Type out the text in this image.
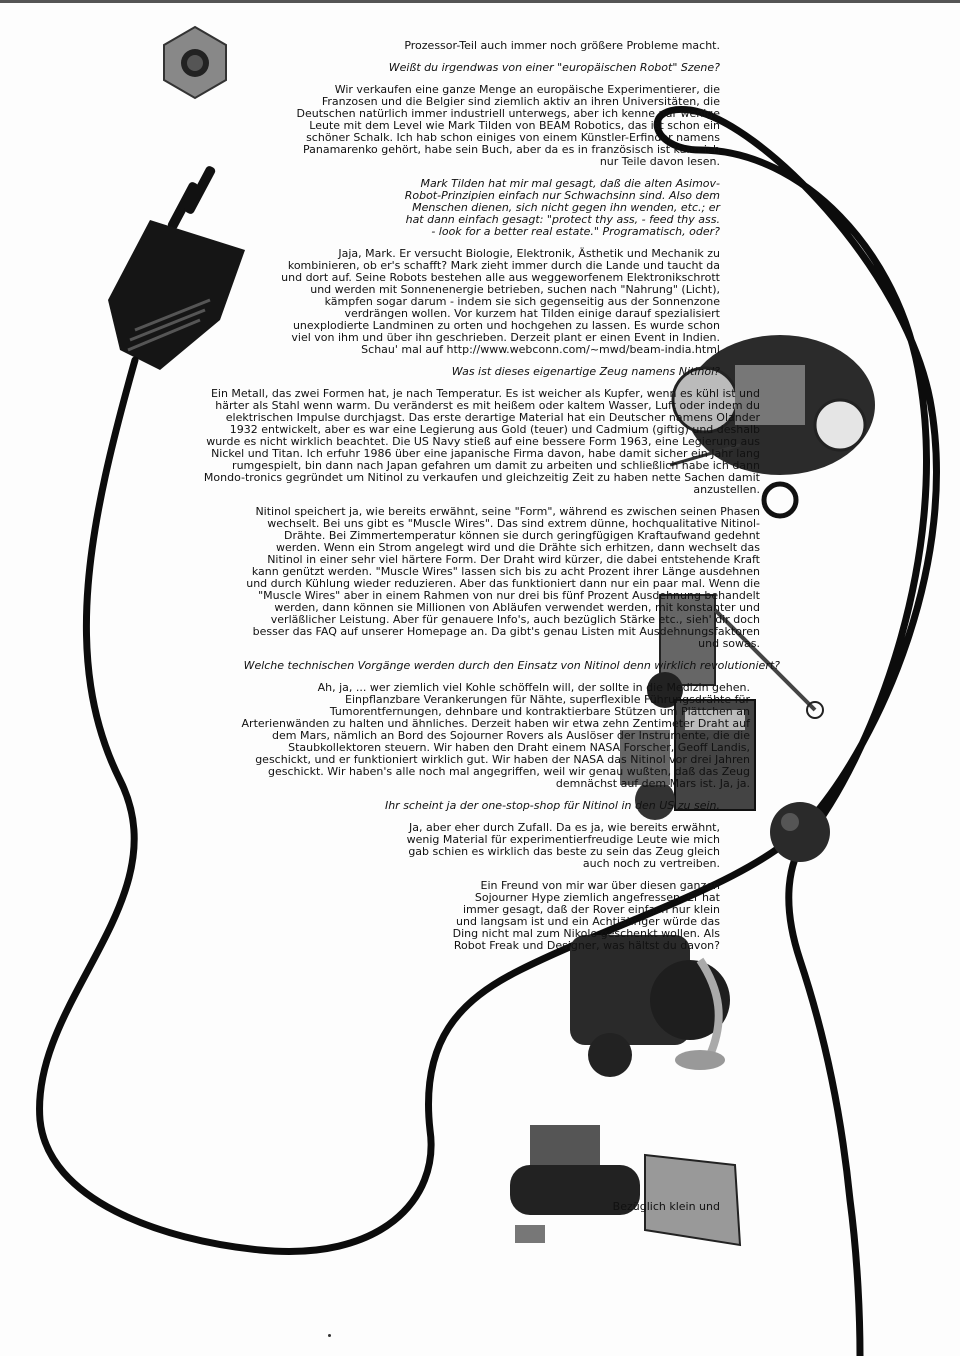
Prozessor-Teil auch immer noch größere Probleme macht.

Weißt du irgendwas von einer "europäischen Robot" Szene?

Wir verkaufen eine ganze Menge an europäische Experimentierer, die Franzosen und die Belgier sind ziemlich aktiv an ihren Universitäten, die Deutschen natürlich immer industriell unterwegs, aber ich kenne nur wenige Leute mit dem Level wie Mark Tilden von BEAM Robotics, das ist schon ein schöner Schalk. Ich hab schon einiges von einem Künstler-Erfinder namens Panamarenko gehört, habe sein Buch, aber da es in französisch ist kann ich nur Teile davon lesen.

Mark Tilden hat mir mal gesagt, daß die alten Asimov-Robot-Prinzipien einfach nur Schwachsinn sind. Also dem Menschen dienen, sich nicht gegen ihn wenden, etc.; er hat dann einfach gesagt: "protect thy ass, - feed thy ass. - look for a better real estate." Programatisch, oder?

Jaja, Mark. Er versucht Biologie, Elektronik, Ästhetik und Mechanik zu kombinieren, ob er's schafft? Mark zieht immer durch die Lande und taucht da und dort auf. Seine Robots bestehen alle aus weggeworfenem Elektronikschrott und werden mit Sonnenenergie betrieben, suchen nach "Nahrung" (Licht), kämpfen sogar darum - indem sie sich gegenseitig aus der Sonnenzone verdrängen wollen. Vor kurzem hat Tilden einige darauf spezialisiert unexplodierte Landminen zu orten und hochgehen zu lassen. Es wurde schon viel von ihm und über ihn geschrieben. Derzeit plant er einen Event in Indien. Schau' mal auf http://www.webconn.com/~mwd/beam-india.html

Was ist dieses eigenartige Zeug namens Nitinol?

Ein Metall, das zwei Formen hat, je nach Temperatur. Es ist weicher als Kupfer, wenn es kühl ist und härter als Stahl wenn warm. Du veränderst es mit heißem oder kaltem Wasser, Luft oder indem du elektrischen Impulse durchjagst. Das erste derartige Material hat ein Deutscher namens Olander 1932 entwickelt, aber es war eine Legierung aus Gold (teuer) und Cadmium (giftig) und deshalb wurde es nicht wirklich beachtet. Die US Navy stieß auf eine bessere Form 1963, eine Legierung aus Nickel und Titan. Ich erfuhr 1986 über eine japanische Firma davon, habe damit sicher ein Jahr lang rumgespielt, bin dann nach Japan gefahren um damit zu arbeiten und schließlich habe ich dann Mondo-tronics gegründet um Nitinol zu verkaufen und gleichzeitig Zeit zu haben nette Sachen damit anzustellen.

Nitinol speichert ja, wie bereits erwähnt, seine "Form", während es zwischen seinen Phasen wechselt. Bei uns gibt es "Muscle Wires". Das sind extrem dünne, hochqualitative Nitinol-Drähte. Bei Zimmertemperatur können sie durch geringfügigen Kraftaufwand gedehnt werden. Wenn ein Strom angelegt wird und die Drähte sich erhitzen, dann wechselt das Nitinol in einer sehr viel härtere Form. Der Draht wird kürzer, die dabei entstehende Kraft kann genützt werden. "Muscle Wires" lassen sich bis zu acht Prozent ihrer Länge ausdehnen und durch Kühlung wieder reduzieren. Aber das funktioniert dann nur ein paar mal. Wenn die "Muscle Wires" aber in einem Rahmen von nur drei bis fünf Prozent Ausdehnung behandelt werden, dann können sie Millionen von Abläufen verwendet werden, mit konstanter und verläßlicher Leistung. Aber für genauere Info's, auch bezüglich Stärke etc., sieh' dir doch besser das FAQ auf unserer Homepage an. Da gibt's genau Listen mit Ausdehnungsfaktoren und sowas.

Welche technischen Vorgänge werden durch den Einsatz von Nitinol denn wirklich revolutioniert?

Ah, ja, ... wer ziemlich viel Kohle schöffeln will, der sollte in die Medizin gehen. Einpflanzbare Verankerungen für Nähte, superflexible Führungsdrähte für Tumorentfernungen, dehnbare und kontraktierbare Stützen um Plättchen an Arterienwänden zu halten und ähnliches. Derzeit haben wir etwa zehn Zentimeter Draht auf dem Mars, nämlich an Bord des Sojourner Rovers als Auslöser der Instrumente, die die Staubkollektoren steuern. Wir haben den Draht einem NASA Forscher, Geoff Landis, geschickt, und er funktioniert wirklich gut. Wir haben der NASA das Nitinol vor drei Jahren geschickt. Wir haben's alle noch mal angegriffen, weil wir genau wußten, daß das Zeug demnächst auf dem Mars ist. Ja, ja.

Ihr scheint ja der one-stop-shop für Nitinol in den US zu sein.

Ja, aber eher durch Zufall. Da es ja, wie bereits erwähnt, wenig Material für experimentierfreudige Leute wie mich gab schien es wirklich das beste zu sein das Zeug gleich auch noch zu vertreiben.

Ein Freund von mir war über diesen ganzen Sojourner Hype ziemlich angefressen. Er hat immer gesagt, daß der Rover einfach nur klein und langsam ist und ein Achtjähriger würde das Ding nicht mal zum Nikolo geschenkt wollen. Als Robot Freak und Designer, was hältst du davon?

Bezüglich klein und
